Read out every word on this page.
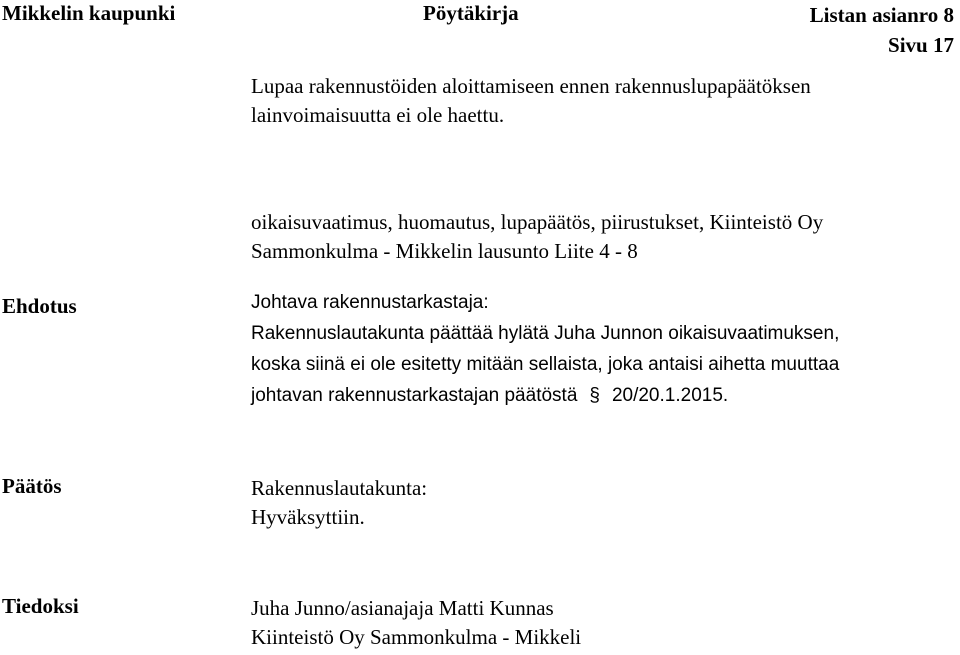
Mikkelin kaupunki	Pöytäkirja	Listan asianro 8
Sivu 17
Lupaa rakennustöiden aloittamiseen ennen rakennuslupapäätöksen
lainvoimaisuutta ei ole haettu.
oikaisuvaatimus, huomautus, lupapäätös, piirustukset, Kiinteistö Oy
Sammonkulma - Mikkelin lausunto Liite 4 - 8
Ehdotus	Johtava rakennustarkastaja:
Rakennuslautakunta päättää hylätä Juha Junnon oikaisuvaatimuksen,
koska siinä ei ole esitetty mitään sellaista, joka antaisi aihetta muuttaa
johtavan rakennustarkastajan päätöstä § 20/20.1.2015.
Päätös	Rakennuslautakunta:
Hyväksyttiin.
Tiedoksi	Juha Junno/asianajaja Matti Kunnas
Kiinteistö Oy Sammonkulma - Mikkeli
